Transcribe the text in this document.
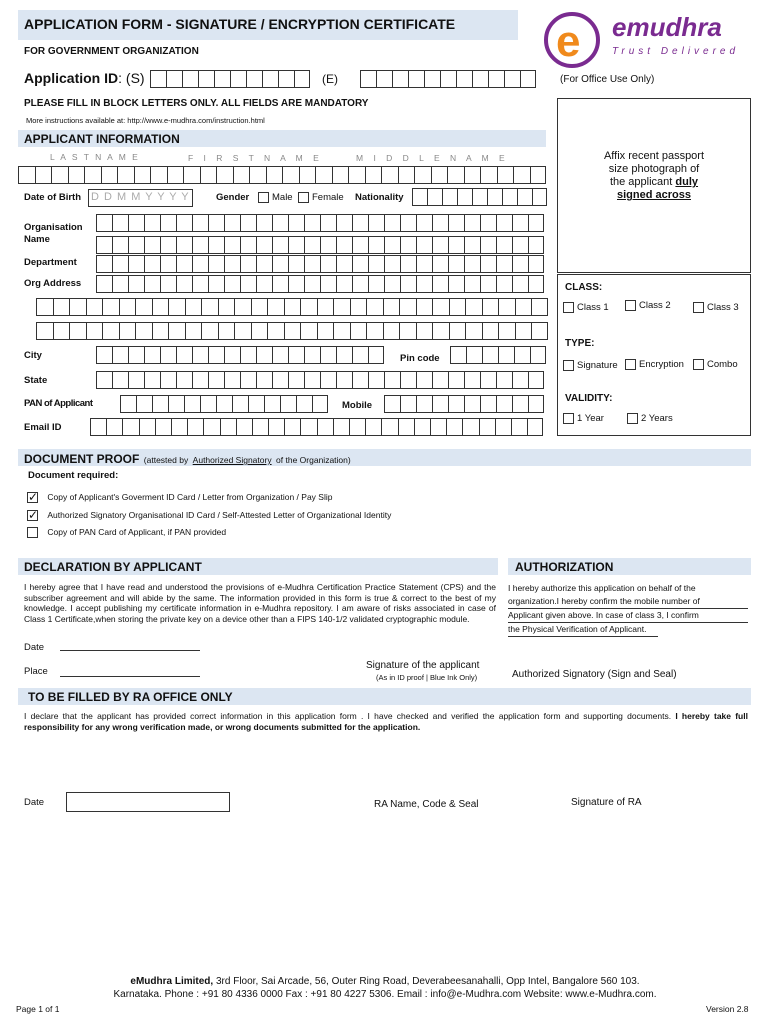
APPLICATION FORM - SIGNATURE / ENCRYPTION CERTIFICATE
FOR GOVERNMENT ORGANIZATION	e emudhra
Trust Delivered
Application ID: (S)	(E)	(For Office Use Only)
PLEASE FILL IN BLOCK LETTERS ONLY. ALL FIELDS ARE MANDATORY
More instructions available at: http://www.e-mudhra.com/instruction.html
APPLICANT INFORMATION
L A S T N A M E	F I R S T N A M E	M I D D L E N A M E
Date of Birth D D M M Y Y Y Y	Gender	Male	Female Nationality
Organisation Name
Department
Org Address
City	Pin code
State
PAN of Applicant	Mobile
Email ID
Affix recent passport
size photograph of
the applicant duly
signed across
CLASS:
Class 1	Class 2	Class 3
TYPE:
Signature	Encryption	Combo
VALIDITY:
1 Year	2 Years
DOCUMENT PROOF (attested by Authorized Signatory of the Organization)
Document required:
✓ Copy of Applicant's Goverment ID Card / Letter from Organization / Pay Slip
✓ Authorized Signatory Organisational ID Card / Self-Attested Letter of Organizational Identity
Copy of PAN Card of Applicant, if PAN provided
DECLARATION BY APPLICANT	AUTHORIZATION
I hereby agree that I have read and understood the provisions of e-Mudhra Certification Practice Statement (CPS) and the subscriber agreement and will abide by the same. The information provided in this form is true & correct to the best of my knowledge. I accept publishing my certificate information in e-Mudhra repository. I am aware of risks associated in case of Class 1 Certificate,when storing the private key on a device other than a FIPS 140-1/2 validated cryptographic module.
Date
Place
Signature of the applicant
(As in ID proof | Blue Ink Only)
I hereby authorize this application on behalf of the
organization.I hereby confirm the mobile number of
Applicant given above. In case of class 3, I confirm
the Physical Verification of Applicant.
Authorized Signatory (Sign and Seal)
TO BE FILLED BY RA OFFICE ONLY
I declare that the applicant has provided correct information in this application form . I have checked and verified the application form and supporting documents. I hereby take full responsibility for any wrong verification made, or wrong documents submitted for the application.
Date	RA Name, Code & Seal	Signature of RA
eMudhra Limited, 3rd Floor, Sai Arcade, 56, Outer Ring Road, Deverabeesanahalli, Opp Intel, Bangalore 560 103.
Karnataka. Phone : +91 80 4336 0000 Fax : +91 80 4227 5306. Email : info@e-Mudhra.com Website: www.e-Mudhra.com.
Page 1 of 1	Version 2.8
